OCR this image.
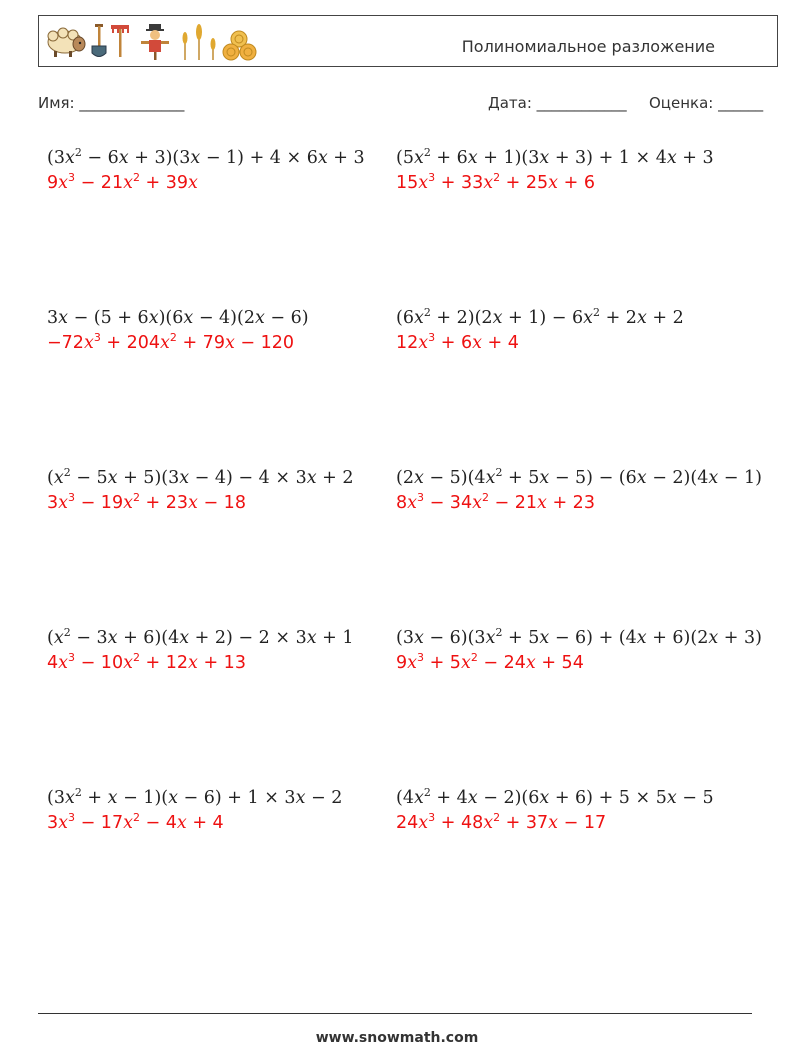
Полиномиальное разложение
Имя: ______________	Дата: ____________ Оценка: ______
$(3x^2 - 6x + 3)(3x - 1) + 4 \times 6x + 3$
$9x^3 - 21x^2 + 39x$
$(5x^2 + 6x + 1)(3x + 3) + 1 \times 4x + 3$
$15x^3 + 33x^2 + 25x + 6$
3x − (5 + 6x)(6x − 4)(2x − 6)
$-72x^3 + 204x^2 + 79x - 120$
$(6x^2 + 2)(2x + 1) - 6x^2 + 2x + 2$
$12x^3 + 6x + 4$
$(x^2 - 5x + 5)(3x - 4) - 4 \times 3x + 2$
$3x^3 - 19x^2 + 23x - 18$
$(2x - 5)(4x^2 + 5x - 5) - (6x - 2)(4x - 1)$
$8x^3 - 34x^2 - 21x + 23$
$(x^2 - 3x + 6)(4x + 2) - 2 \times 3x + 1$
$4x^3 - 10x^2 + 12x + 13$
$(3x - 6)(3x^2 + 5x - 6) + (4x + 6)(2x + 3)$
$9x^3 + 5x^2 - 24x + 54$
$(3x^2 + x - 1)(x - 6) + 1 \times 3x - 2$
$3x^3 - 17x^2 - 4x + 4$
$(4x^2 + 4x - 2)(6x + 6) + 5 \times 5x - 5$
$24x^3 + 48x^2 + 37x - 17$
www.snowmath.com
